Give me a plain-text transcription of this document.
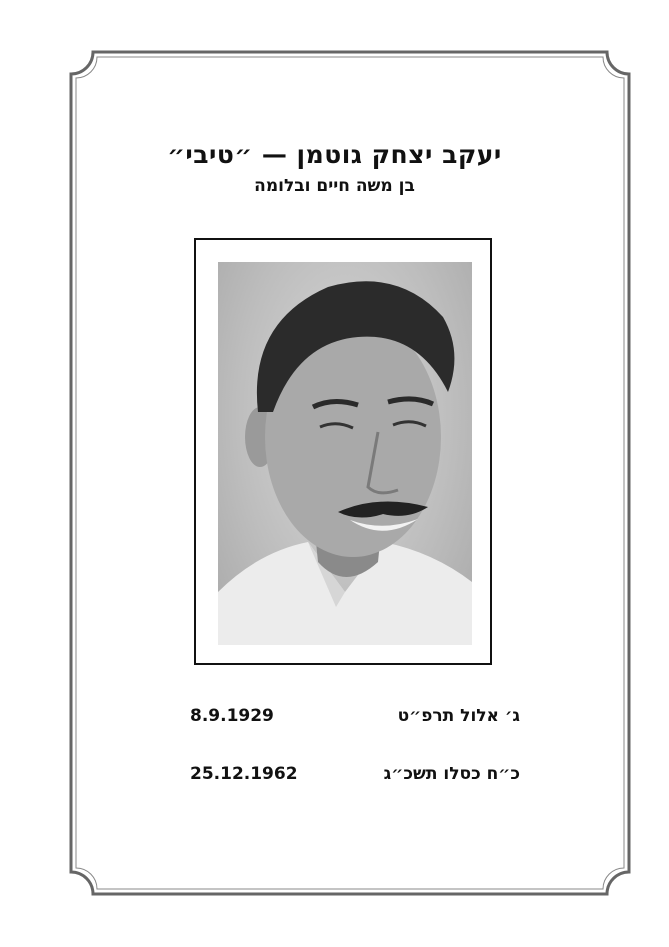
יעקב יצחק גוטמן — ״טיבי״
בן משה חיים ובלומה
8.9.1929	ג׳ אלול תרפ״ט
25.12.1962	כ״ח כסלו תשכ״ג
